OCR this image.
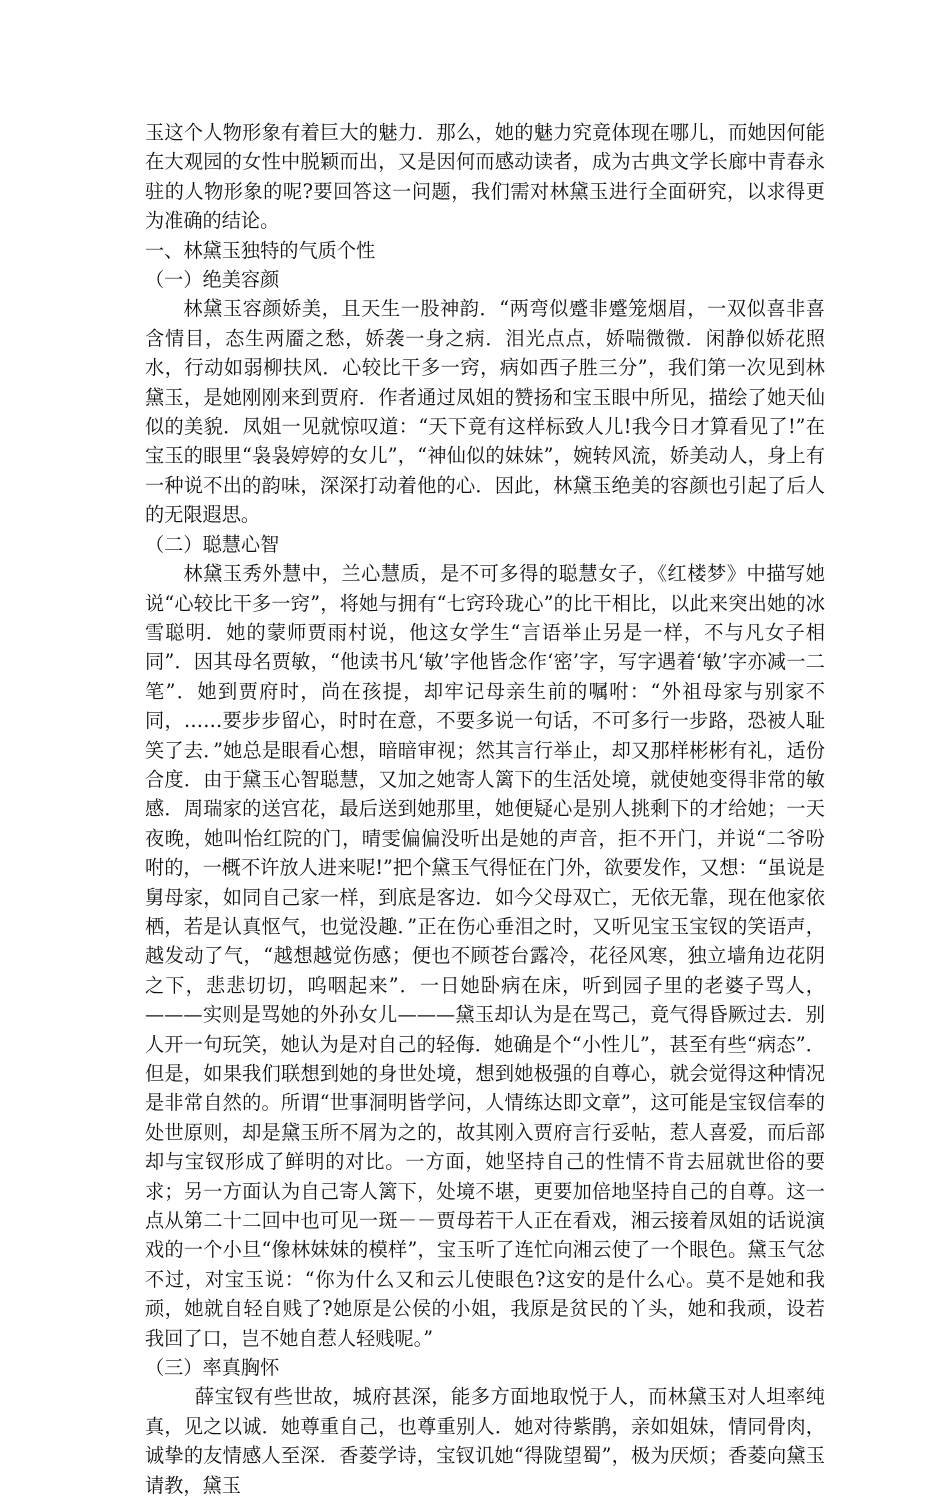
玉这个人物形象有着巨大的魅力．那么，她的魅力究竟体现在哪儿，而她因何能在大观园的女性中脱颖而出，又是因何而感动读者，成为古典文学长廊中青春永驻的人物形象的呢?要回答这一问题，我们需对林黛玉进行全面研究，以求得更为准确的结论。

一、林黛玉独特的气质个性
（一）绝美容颜

林黛玉容颜娇美，且天生一股神韵．“两弯似蹙非蹙笼烟眉，一双似喜非喜含情目，态生两靥之愁，娇袭一身之病．泪光点点，娇喘微微．闲静似娇花照水，行动如弱柳扶风．心较比干多一窍，病如西子胜三分”，我们第一次见到林黛玉，是她刚刚来到贾府．作者通过凤姐的赞扬和宝玉眼中所见，描绘了她天仙似的美貌．凤姐一见就惊叹道：“天下竟有这样标致人儿!我今日才算看见了!”在宝玉的眼里“袅袅婷婷的女儿”，“神仙似的妹妹”，婉转风流，娇美动人，身上有一种说不出的韵味，深深打动着他的心．因此，林黛玉绝美的容颜也引起了后人的无限遐思。

（二）聪慧心智

林黛玉秀外慧中，兰心慧质，是不可多得的聪慧女子，《红楼梦》中描写她说“心较比干多一窍”，将她与拥有“七窍玲珑心”的比干相比，以此来突出她的冰雪聪明．她的蒙师贾雨村说，他这女学生“言语举止另是一样，不与凡女子相同”．因其母名贾敏，“他读书凡‘敏’字他皆念作‘密’字，写字遇着‘敏’字亦减一二笔”．她到贾府时，尚在孩提，却牢记母亲生前的嘱咐：“外祖母家与别家不同，……要步步留心，时时在意，不要多说一句话，不可多行一步路，恐被人耻笑了去．”她总是眼看心想，暗暗审视；然其言行举止，却又那样彬彬有礼，适份合度．由于黛玉心智聪慧，又加之她寄人篱下的生活处境，就使她变得非常的敏感．周瑞家的送宫花，最后送到她那里，她便疑心是别人挑剩下的才给她；一天夜晚，她叫怡红院的门，晴雯偏偏没听出是她的声音，拒不开门，并说“二爷吩咐的，一概不许放人进来呢!”把个黛玉气得怔在门外，欲要发作，又想：“虽说是舅母家，如同自己家一样，到底是客边．如今父母双亡，无依无靠，现在他家依栖，若是认真怄气，也觉没趣．”正在伤心垂泪之时，又听见宝玉宝钗的笑语声，越发动了气，“越想越觉伤感；便也不顾苍台露冷，花径风寒，独立墙角边花阴之下，悲悲切切，呜咽起来”．一日她卧病在床，听到园子里的老婆子骂人，———实则是骂她的外孙女儿———黛玉却认为是在骂己，竟气得昏厥过去．别人开一句玩笑，她认为是对自己的轻侮．她确是个“小性儿”，甚至有些“病态”．但是，如果我们联想到她的身世处境，想到她极强的自尊心，就会觉得这种情况是非常自然的。所谓“世事洞明皆学问，人情练达即文章”，这可能是宝钗信奉的处世原则，却是黛玉所不屑为之的，故其刚入贾府言行妥帖，惹人喜爱，而后部却与宝钗形成了鲜明的对比。一方面，她坚持自己的性情不肯去屈就世俗的要求；另一方面认为自己寄人篱下，处境不堪，更要加倍地坚持自己的自尊。这一点从第二十二回中也可见一斑－－贾母若干人正在看戏，湘云接着凤姐的话说演戏的一个小旦“像林妹妹的模样”，宝玉听了连忙向湘云使了一个眼色。黛玉气忿不过，对宝玉说：“你为什么又和云儿使眼色?这安的是什么心。莫不是她和我顽，她就自轻自贱了?她原是公侯的小姐，我原是贫民的丫头，她和我顽，设若我回了口，岂不她自惹人轻贱呢。”

（三）率真胸怀

薛宝钗有些世故，城府甚深，能多方面地取悦于人，而林黛玉对人坦率纯真，见之以诚．她尊重自己，也尊重别人．她对待紫鹃，亲如姐妹，情同骨肉，诚挚的友情感人至深．香菱学诗，宝钗讥她“得陇望蜀”，极为厌烦；香菱向黛玉请教，黛玉
